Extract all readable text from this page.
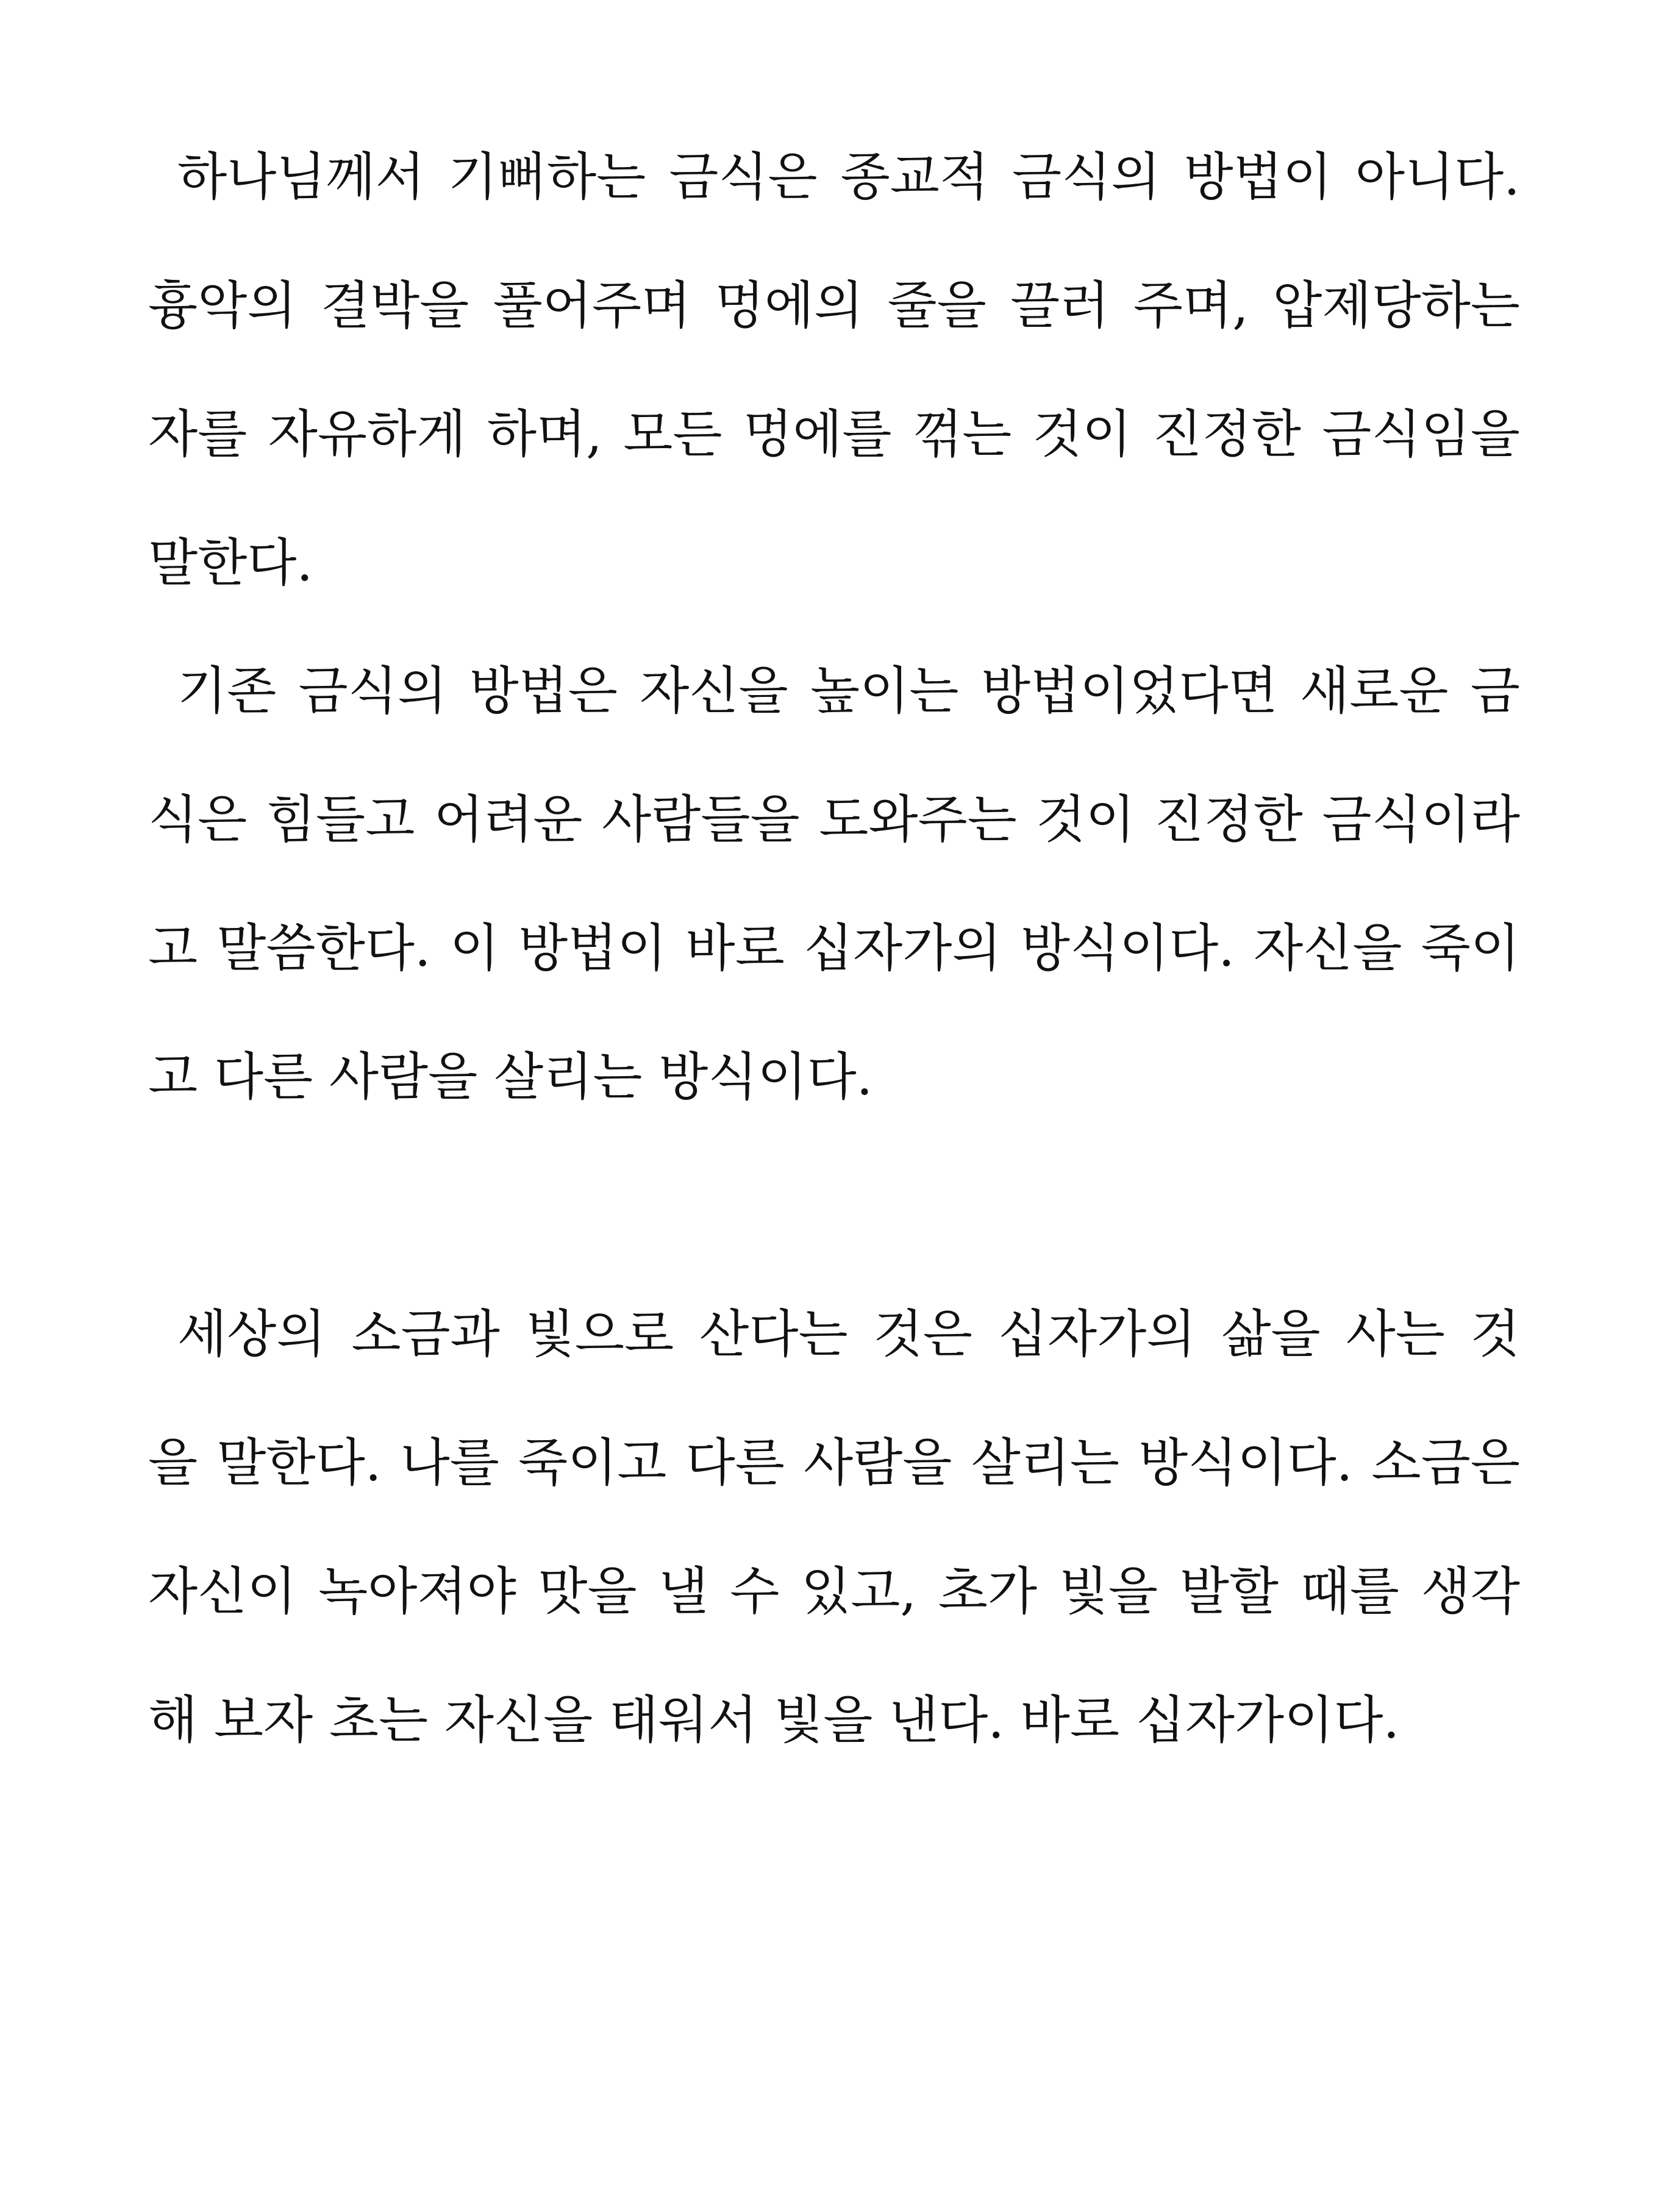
하나님께서 기뻐하는 금식은 종교적 금식의 방법이 아니다.
흉악의 결박을 풀어주며 멍에의 줄을 끌러 주며, 압제당하는
자를 자유하게 하며, 모든 멍에를 꺾는 것이 진정한 금식임을
말한다.
기존 금식의 방법은 자신을 높이는 방법이었다면 새로운 금
식은 힘들고 어려운 사람들을 도와주는 것이 진정한 금식이라
고 말씀한다. 이 방법이 바로 십자가의 방식이다. 자신을 죽이
고 다른 사람을 살리는 방식이다.
세상의 소금과 빛으로 산다는 것은 십자가의 삶을 사는 것
을 말한다. 나를 죽이고 다른 사람을 살리는 방식이다. 소금은
자신이 녹아져야 맛을 낼 수 있고, 초가 빛을 발할 때를 생각
해 보자 초는 자신을 태워서 빛을 낸다. 바로 십자가이다.
